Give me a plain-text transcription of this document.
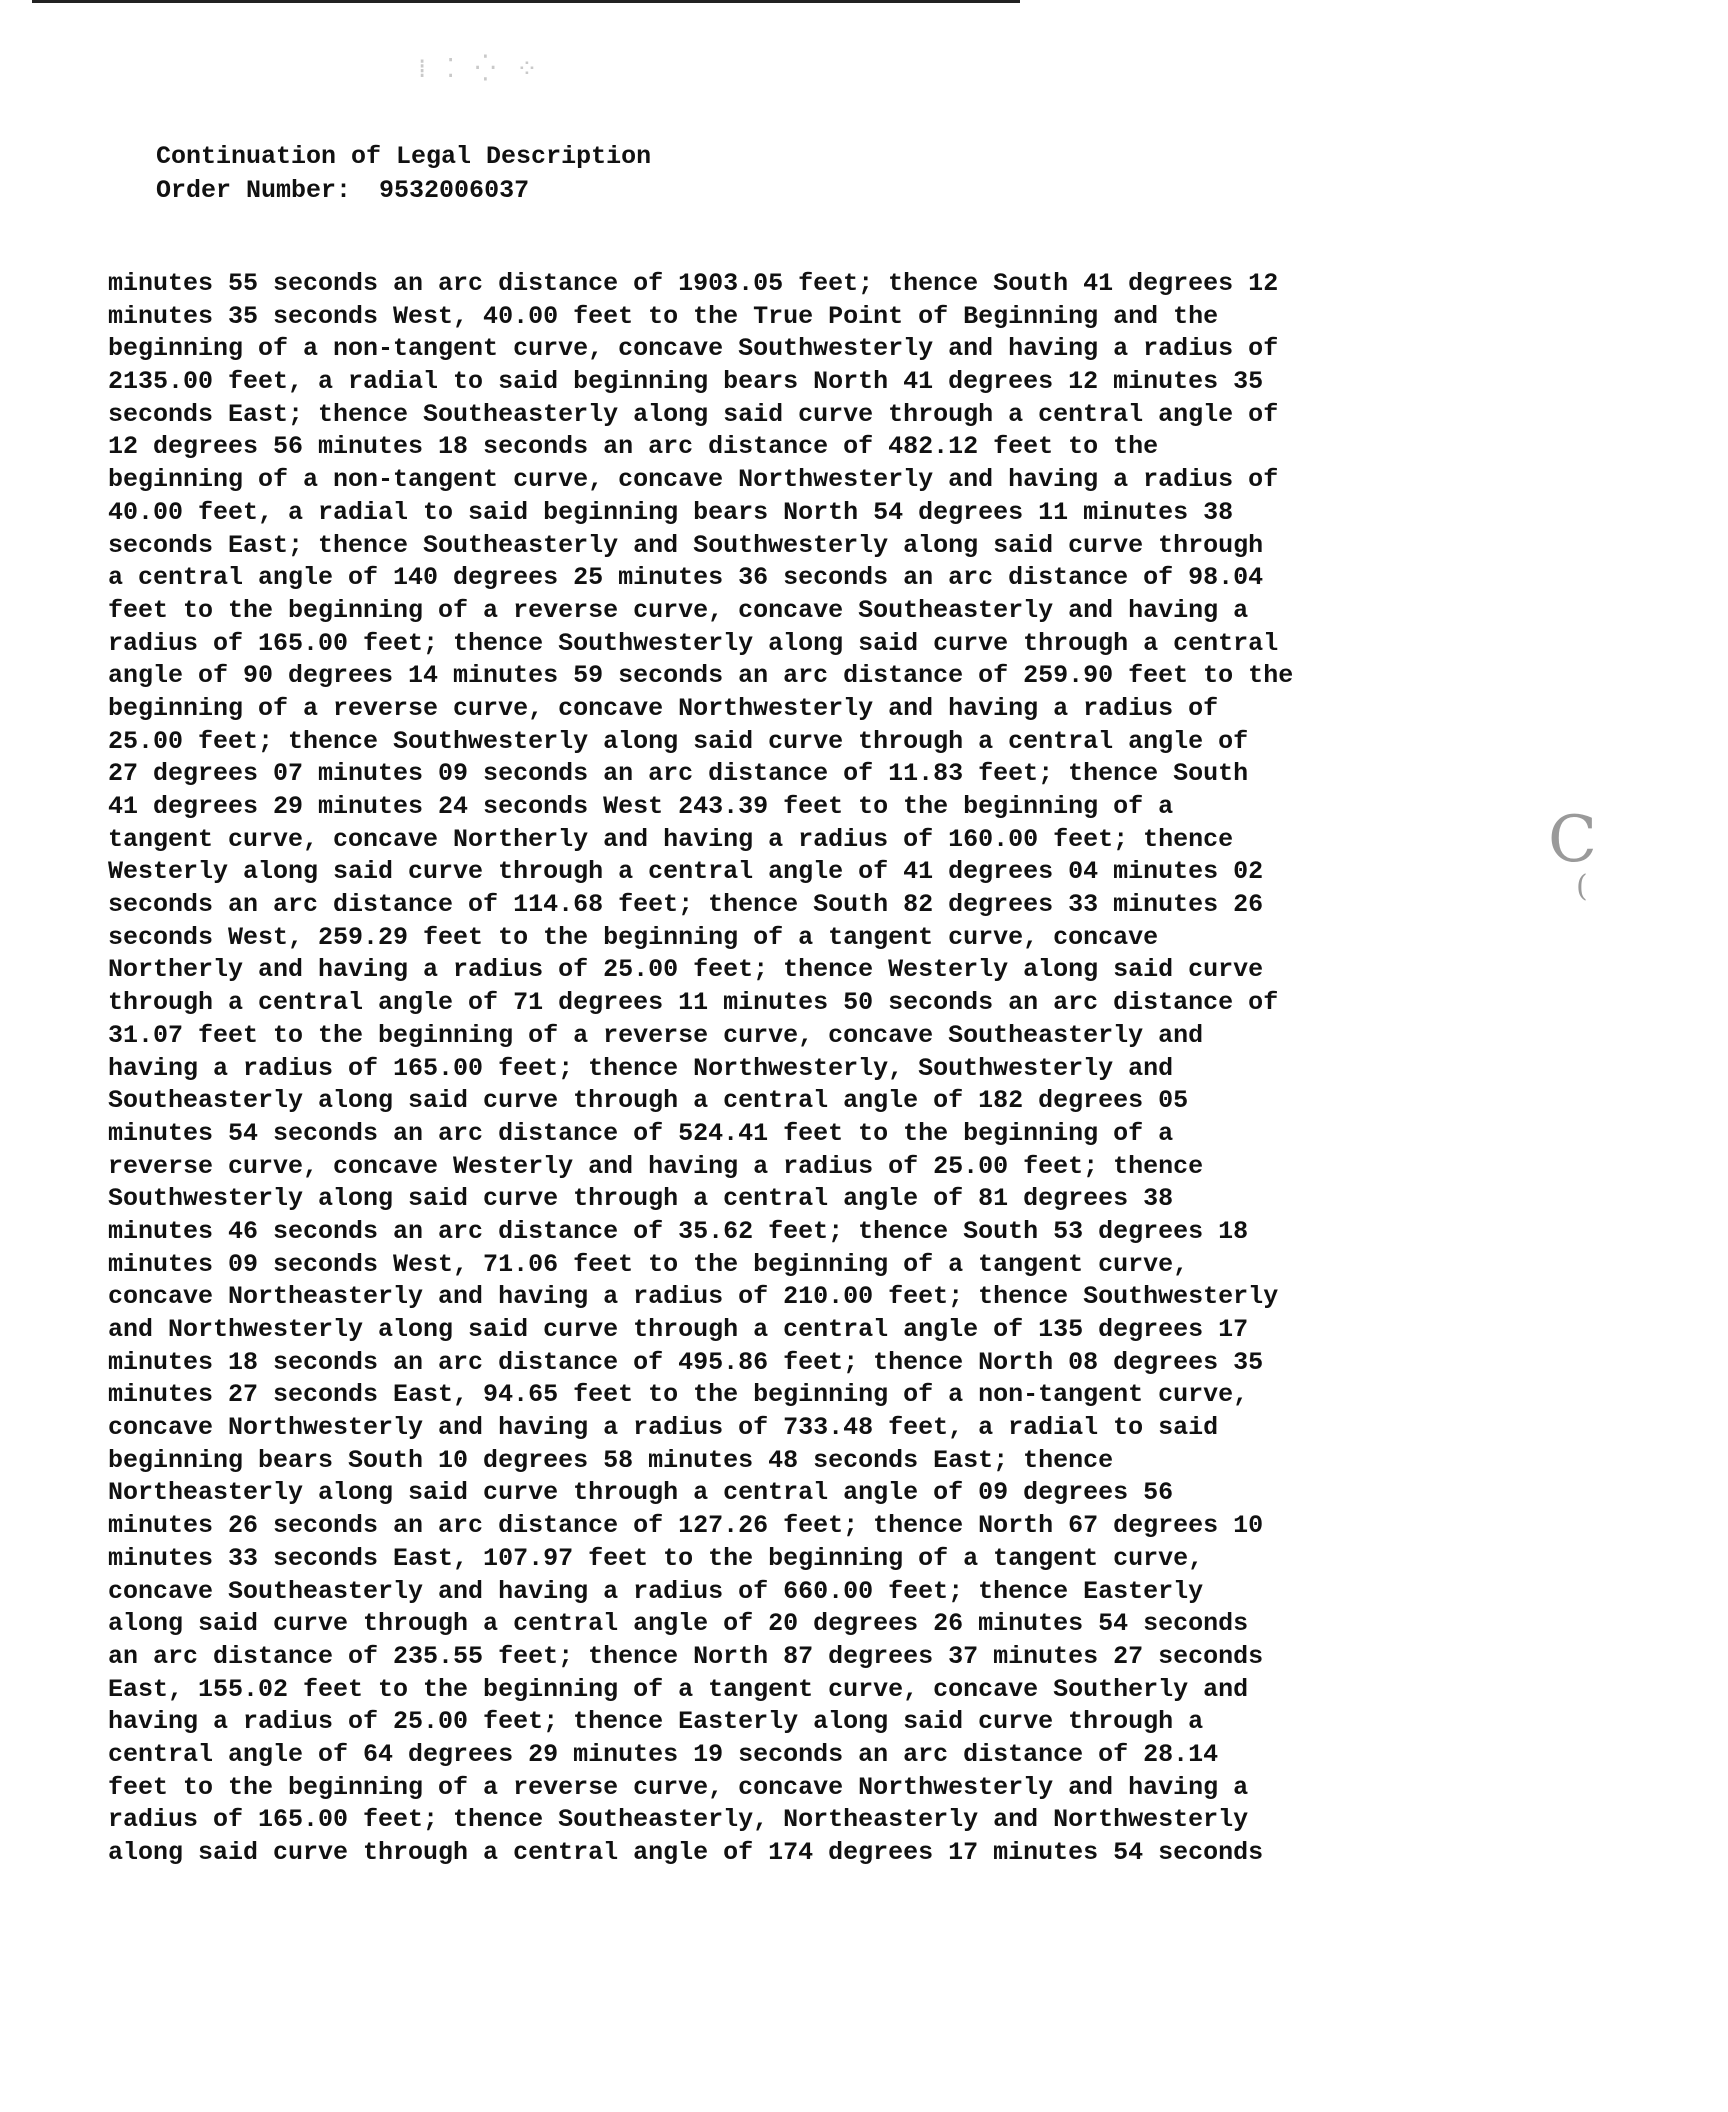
⁞ ⁚ ⁛ ⁘
Continuation of Legal Description
Order Number: 9532006037
minutes 55 seconds an arc distance of 1903.05 feet; thence South 41 degrees 12
minutes 35 seconds West, 40.00 feet to the True Point of Beginning and the
beginning of a non-tangent curve, concave Southwesterly and having a radius of
2135.00 feet, a radial to said beginning bears North 41 degrees 12 minutes 35
seconds East; thence Southeasterly along said curve through a central angle of
12 degrees 56 minutes 18 seconds an arc distance of 482.12 feet to the
beginning of a non-tangent curve, concave Northwesterly and having a radius of
40.00 feet, a radial to said beginning bears North 54 degrees 11 minutes 38
seconds East; thence Southeasterly and Southwesterly along said curve through
a central angle of 140 degrees 25 minutes 36 seconds an arc distance of 98.04
feet to the beginning of a reverse curve, concave Southeasterly and having a
radius of 165.00 feet; thence Southwesterly along said curve through a central
angle of 90 degrees 14 minutes 59 seconds an arc distance of 259.90 feet to the
beginning of a reverse curve, concave Northwesterly and having a radius of
25.00 feet; thence Southwesterly along said curve through a central angle of
27 degrees 07 minutes 09 seconds an arc distance of 11.83 feet; thence South
41 degrees 29 minutes 24 seconds West 243.39 feet to the beginning of a
tangent curve, concave Northerly and having a radius of 160.00 feet; thence
Westerly along said curve through a central angle of 41 degrees 04 minutes 02
seconds an arc distance of 114.68 feet; thence South 82 degrees 33 minutes 26
seconds West, 259.29 feet to the beginning of a tangent curve, concave
Northerly and having a radius of 25.00 feet; thence Westerly along said curve
through a central angle of 71 degrees 11 minutes 50 seconds an arc distance of
31.07 feet to the beginning of a reverse curve, concave Southeasterly and
having a radius of 165.00 feet; thence Northwesterly, Southwesterly and
Southeasterly along said curve through a central angle of 182 degrees 05
minutes 54 seconds an arc distance of 524.41 feet to the beginning of a
reverse curve, concave Westerly and having a radius of 25.00 feet; thence
Southwesterly along said curve through a central angle of 81 degrees 38
minutes 46 seconds an arc distance of 35.62 feet; thence South 53 degrees 18
minutes 09 seconds West, 71.06 feet to the beginning of a tangent curve,
concave Northeasterly and having a radius of 210.00 feet; thence Southwesterly
and Northwesterly along said curve through a central angle of 135 degrees 17
minutes 18 seconds an arc distance of 495.86 feet; thence North 08 degrees 35
minutes 27 seconds East, 94.65 feet to the beginning of a non-tangent curve,
concave Northwesterly and having a radius of 733.48 feet, a radial to said
beginning bears South 10 degrees 58 minutes 48 seconds East; thence
Northeasterly along said curve through a central angle of 09 degrees 56
minutes 26 seconds an arc distance of 127.26 feet; thence North 67 degrees 10
minutes 33 seconds East, 107.97 feet to the beginning of a tangent curve,
concave Southeasterly and having a radius of 660.00 feet; thence Easterly
along said curve through a central angle of 20 degrees 26 minutes 54 seconds
an arc distance of 235.55 feet; thence North 87 degrees 37 minutes 27 seconds
East, 155.02 feet to the beginning of a tangent curve, concave Southerly and
having a radius of 25.00 feet; thence Easterly along said curve through a
central angle of 64 degrees 29 minutes 19 seconds an arc distance of 28.14
feet to the beginning of a reverse curve, concave Northwesterly and having a
radius of 165.00 feet; thence Southeasterly, Northeasterly and Northwesterly
along said curve through a central angle of 174 degrees 17 minutes 54 seconds
C
(
